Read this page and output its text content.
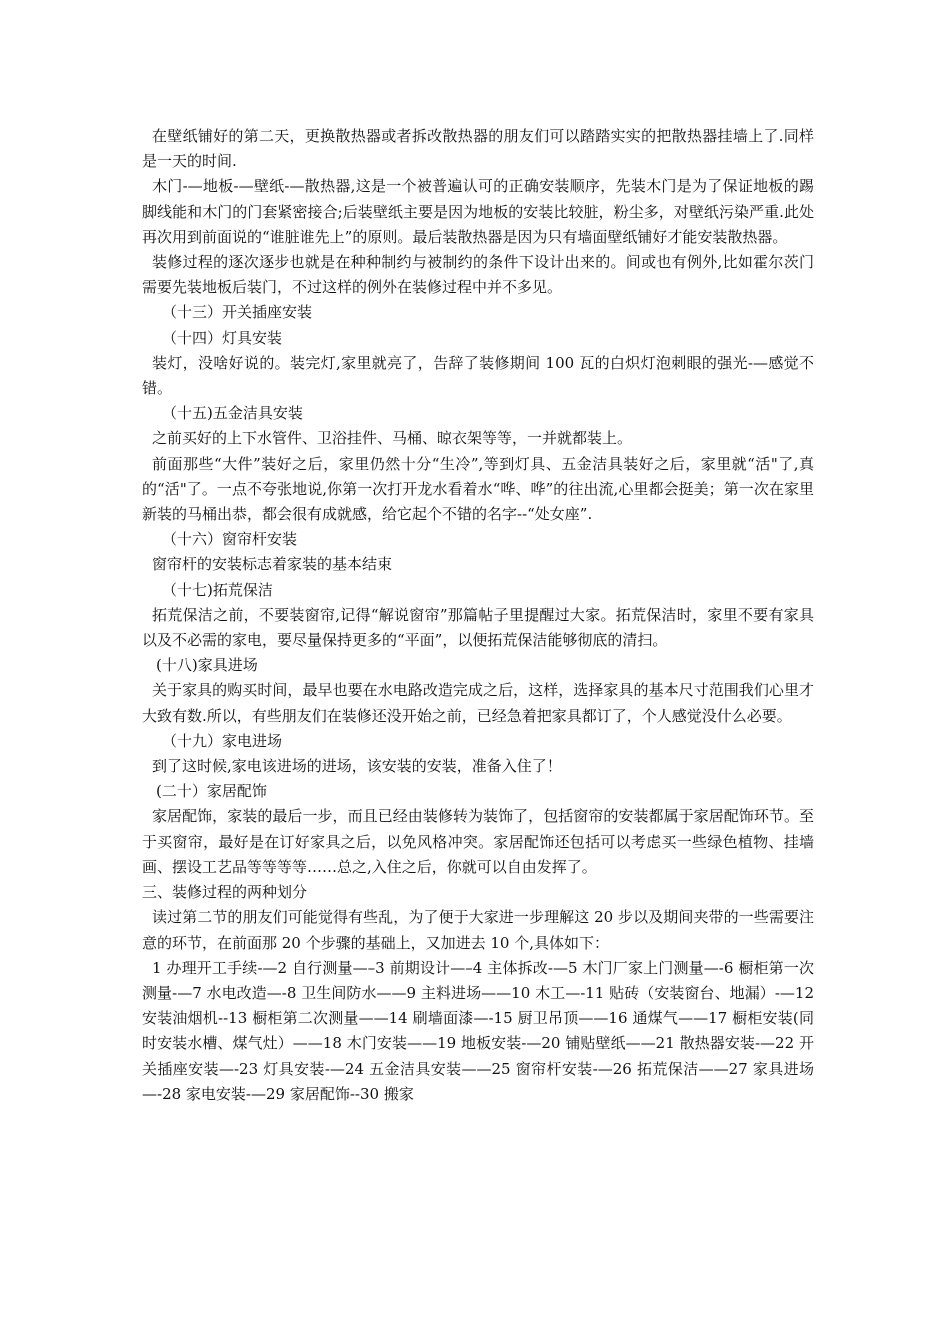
在壁纸铺好的第二天，更换散热器或者拆改散热器的朋友们可以踏踏实实的把散热器挂墙上了.同样是一天的时间.

木门-—地板-—壁纸-—散热器,这是一个被普遍认可的正确安装顺序，先装木门是为了保证地板的踢脚线能和木门的门套紧密接合;后装壁纸主要是因为地板的安装比较脏，粉尘多，对壁纸污染严重.此处再次用到前面说的“谁脏谁先上”的原则。最后装散热器是因为只有墙面壁纸铺好才能安装散热器。

装修过程的逐次逐步也就是在种种制约与被制约的条件下设计出来的。间或也有例外,比如霍尔茨门需要先装地板后装门，不过这样的例外在装修过程中并不多见。

（十三）开关插座安装

（十四）灯具安装

装灯，没啥好说的。装完灯,家里就亮了，告辞了装修期间 100 瓦的白炽灯泡刺眼的强光-—感觉不错。

（十五)五金洁具安装

之前买好的上下水管件、卫浴挂件、马桶、晾衣架等等，一并就都装上。

前面那些“大件”装好之后，家里仍然十分“生冷”,等到灯具、五金洁具装好之后，家里就“活"了,真的“活"了。一点不夸张地说,你第一次打开龙水看着水“哗、哗”的往出流,心里都会挺美；第一次在家里新装的马桶出恭，都会很有成就感，给它起个不错的名字--“处女座”.

（十六）窗帘杆安装

窗帘杆的安装标志着家装的基本结束

（十七)拓荒保洁

拓荒保洁之前，不要装窗帘,记得“解说窗帘”那篇帖子里提醒过大家。拓荒保洁时，家里不要有家具以及不必需的家电，要尽量保持更多的“平面”，以便拓荒保洁能够彻底的清扫。

(十八)家具进场

关于家具的购买时间，最早也要在水电路改造完成之后，这样，选择家具的基本尺寸范围我们心里才大致有数.所以，有些朋友们在装修还没开始之前，已经急着把家具都订了，个人感觉没什么必要。

（十九）家电进场

到了这时候,家电该进场的进场，该安装的安装，准备入住了！

(二十）家居配饰

家居配饰，家装的最后一步，而且已经由装修转为装饰了，包括窗帘的安装都属于家居配饰环节。至于买窗帘，最好是在订好家具之后，以免风格冲突。家居配饰还包括可以考虑买一些绿色植物、挂墙画、摆设工艺品等等等等……总之,入住之后，你就可以自由发挥了。

三、装修过程的两种划分

读过第二节的朋友们可能觉得有些乱，为了便于大家进一步理解这 20 步以及期间夹带的一些需要注意的环节，在前面那 20 个步骤的基础上，又加进去 10 个,具体如下：

1 办理开工手续-—2 自行测量—–3 前期设计—–4 主体拆改-—5 木门厂家上门测量—-6 橱柜第一次测量-—7 水电改造—-8 卫生间防水——9 主料进场——10 木工—-11 贴砖（安装窗台、地漏）-—12 安装油烟机--13 橱柜第二次测量——14 刷墙面漆—-15 厨卫吊顶——16 通煤气——17 橱柜安装(同时安装水槽、煤气灶）——18 木门安装——19 地板安装-—20 铺贴壁纸——21 散热器安装-—22 开关插座安装—-23 灯具安装-—24 五金洁具安装——25 窗帘杆安装-—26 拓荒保洁——27 家具进场—-28 家电安装-—29 家居配饰--30 搬家
